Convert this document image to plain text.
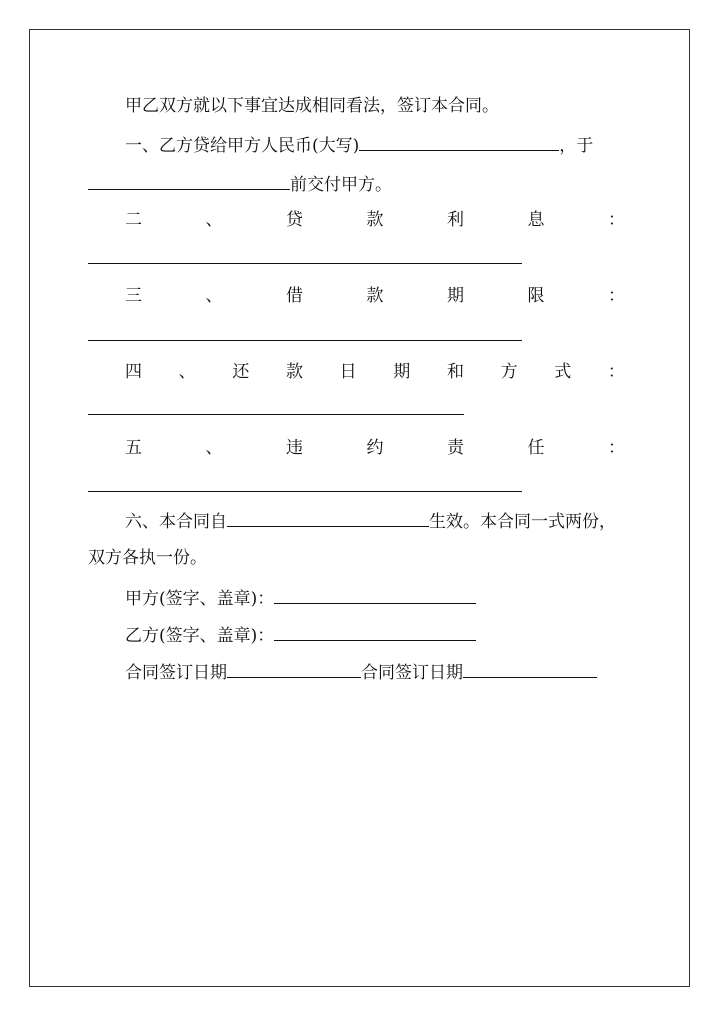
甲乙双方就以下事宜达成相同看法，签订本合同。
一、乙方贷给甲方人民币(大写)	，于
前交付甲方。
二	、	贷	款	利	息	：
三	、	借	款	期	限	：
四 、 还 款 日 期 和 方 式 ：
五	、	违	约	责	任	：
六、本合同自	生效。本合同一式两份，
双方各执一份。
甲方(签字、盖章)：
乙方(签字、盖章)：
合同签订日期	合同签订日期
